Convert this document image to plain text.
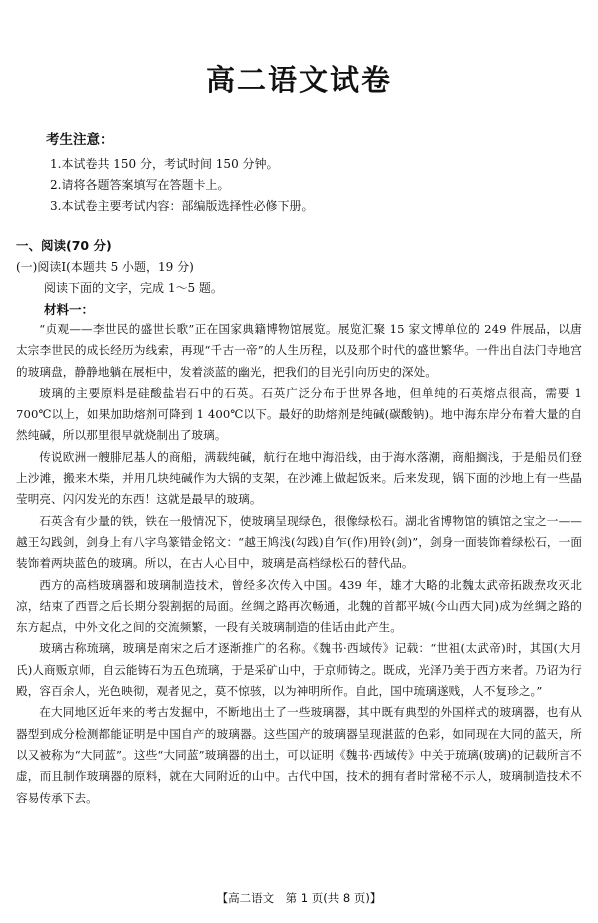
高二语文试卷
考生注意：
1.本试卷共 150 分，考试时间 150 分钟。
2.请将各题答案填写在答题卡上。
3.本试卷主要考试内容：部编版选择性必修下册。
一、阅读(70 分)
(一)阅读Ⅰ(本题共 5 小题，19 分)
阅读下面的文字，完成 1～5 题。
材料一：

“贞观——李世民的盛世长歌”正在国家典籍博物馆展览。展览汇聚 15 家文博单位的 249 件展品，以唐太宗李世民的成长经历为线索，再现“千古一帝”的人生历程，以及那个时代的盛世繁华。一件出自法门寺地宫的玻璃盘，静静地躺在展柜中，发着淡蓝的幽光，把我们的目光引向历史的深处。

玻璃的主要原料是硅酸盐岩石中的石英。石英广泛分布于世界各地，但单纯的石英熔点很高，需要 1 700℃以上，如果加助熔剂可降到 1 400℃以下。最好的助熔剂是纯碱(碳酸钠)。地中海东岸分布着大量的自然纯碱，所以那里很早就烧制出了玻璃。

传说欧洲一艘腓尼基人的商船，满载纯碱，航行在地中海沿线，由于海水落潮，商船搁浅，于是船员们登上沙滩，搬来木柴，并用几块纯碱作为大锅的支架，在沙滩上做起饭来。后来发现，锅下面的沙地上有一些晶莹明亮、闪闪发光的东西！这就是最早的玻璃。

石英含有少量的铁，铁在一般情况下，使玻璃呈现绿色，很像绿松石。湖北省博物馆的镇馆之宝之一——越王勾践剑，剑身上有八字鸟篆错金铭文：“越王鸠浅(勾践)自乍(作)用铃(剑)”，剑身一面装饰着绿松石，一面装饰着两块蓝色的玻璃。所以，在古人心目中，玻璃是高档绿松石的替代品。

西方的高档玻璃器和玻璃制造技术，曾经多次传入中国。439 年，雄才大略的北魏太武帝拓跋焘攻灭北凉，结束了西晋之后长期分裂割据的局面。丝绸之路再次畅通，北魏的首都平城(今山西大同)成为丝绸之路的东方起点，中外文化之间的交流频繁，一段有关玻璃制造的佳话由此产生。

玻璃古称琉璃，玻璃是南宋之后才逐渐推广的名称。《魏书·西域传》记载：“世祖(太武帝)时，其国(大月氏)人商贩京师，自云能铸石为五色琉璃，于是采矿山中，于京师铸之。既成，光泽乃美于西方来者。乃诏为行殿，容百余人，光色映彻，观者见之，莫不惊骇，以为神明所作。自此，国中琉璃遂贱，人不复珍之。”

在大同地区近年来的考古发掘中，不断地出土了一些玻璃器，其中既有典型的外国样式的玻璃器，也有从器型到成分检测都能证明是中国自产的玻璃器。这些国产的玻璃器呈现湛蓝的色彩，如同现在大同的蓝天，所以又被称为“大同蓝”。这些“大同蓝”玻璃器的出土，可以证明《魏书·西域传》中关于琉璃(玻璃)的记载所言不虚，而且制作玻璃器的原料，就在大同附近的山中。古代中国，技术的拥有者时常秘不示人，玻璃制造技术不容易传承下去。

【高二语文　第 1 页(共 8 页)】
